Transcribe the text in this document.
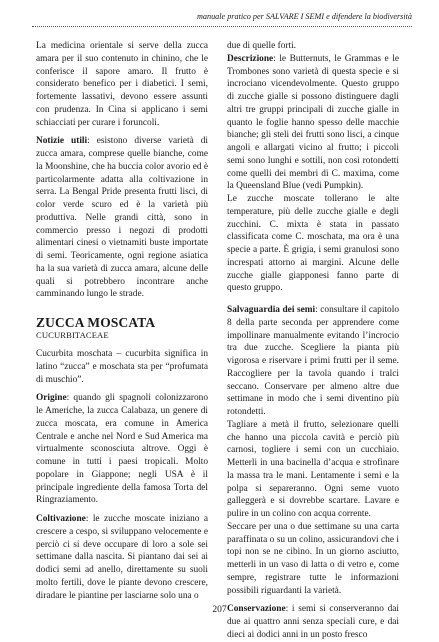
manuale pratico per SALVARE I SEMI e difendere la biodiversità

La medicina orientale si serve della zucca amara per il suo contenuto in chinino, che le conferisce il sapore amaro. Il frutto è considerato benefico per i diabetici. I semi, fortemente lassativi, devono essere assunti con prudenza. In Cina si applicano i semi schiacciati per curare i foruncoli.

Notizie utili: esistono diverse varietà di zucca amara, comprese quelle bianche, come la Moonshine, che ha buccia color avorio ed è particolarmente adatta alla coltivazione in serra. La Bengal Pride presenta frutti lisci, di color verde scuro ed è la varietà più produttiva. Nelle grandi città, sono in commercio presso i negozi di prodotti alimentari cinesi o vietnamiti buste importate di semi. Teoricamente, ogni regione asiatica ha la sua varietà di zucca amara, alcune delle quali si potrebbero incontrare anche camminando lungo le strade.

ZUCCA MOSCATA
CUCURBITACEAE

Cucurbita moschata – cucurbita significa in latino “zucca” e moschata sta per “profumata di muschio”.

Origine: quando gli spagnoli colonizzarono le Americhe, la zucca Calabaza, un genere di zucca moscata, era comune in America Centrale e anche nel Nord e Sud America ma virtualmente sconosciuta altrove. Oggi è comune in tutti i paesi tropicali. Molto popolare in Giappone; negli USA è il principale ingrediente della famosa Torta del Ringraziamento.

Coltivazione: le zucche moscate iniziano a crescere a cespo, si sviluppano velocemente e perciò ci si deve occupare di loro a sole sei settimane dalla nascita. Si piantano dai sei ai dodici semi ad anello, direttamente su suoli molto fertili, dove le piante devono crescere, diradare le piantine per lasciarne solo una o

due di quelle forti.

Descrizione: le Butternuts, le Grammas e le Trombones sono varietà di questa specie e si incrociano vicendevolmente. Questo gruppo di zucche gialle si possono distinguere dagli altri tre gruppi principali di zucche gialle in quanto le foglie hanno spesso delle macchie bianche; gli steli dei frutti sono lisci, a cinque angoli e allargati vicino al frutto; i piccoli semi sono lunghi e sottili, non così rotondetti come quelli dei membri di C. maxima, come la Queensland Blue (vedi Pumpkin).

Le zucche moscate tollerano le alte temperature, più delle zucche gialle e degli zucchini. C. mixta è stata in passato classificata come C. moschata, ma ora è una specie a parte. È grigia, i semi granulosi sono increspati attorno ai margini. Alcune delle zucche gialle giapponesi fanno parte di questo gruppo.

Salvaguardia dei semi: consultare il capitolo 8 della parte seconda per apprendere come impollinare manualmente evitando l’incrocio tra due zucche. Scegliere la pianta più vigorosa e riservare i primi frutti per il seme. Raccogliere per la tavola quando i tralci seccano. Conservare per almeno altre due settimane in modo che i semi diventino più rotondetti.

Tagliare a metà il frutto, selezionare quelli che hanno una piccola cavità e perciò più carnosi, togliere i semi con un cucchiaio. Metterli in una bacinella d’acqua e strofinare la massa tra le mani. Lentamente i semi e la polpa si separeranno. Ogni seme vuoto galleggerà e si dovrebbe scartare. Lavare e pulire in un colino con acqua corrente.

Seccare per una o due settimane su una carta paraffinata o su un colino, assicurandovi che i topi non se ne cibino. In un giorno asciutto, metterli in un vaso di latta o di vetro e, come sempre, registrare tutte le informazioni possibili riguardanti la varietà.

Conservazione: i semi si conserveranno dai due ai quattro anni senza speciali cure, e dai dieci ai dodici anni in un posto fresco

207
